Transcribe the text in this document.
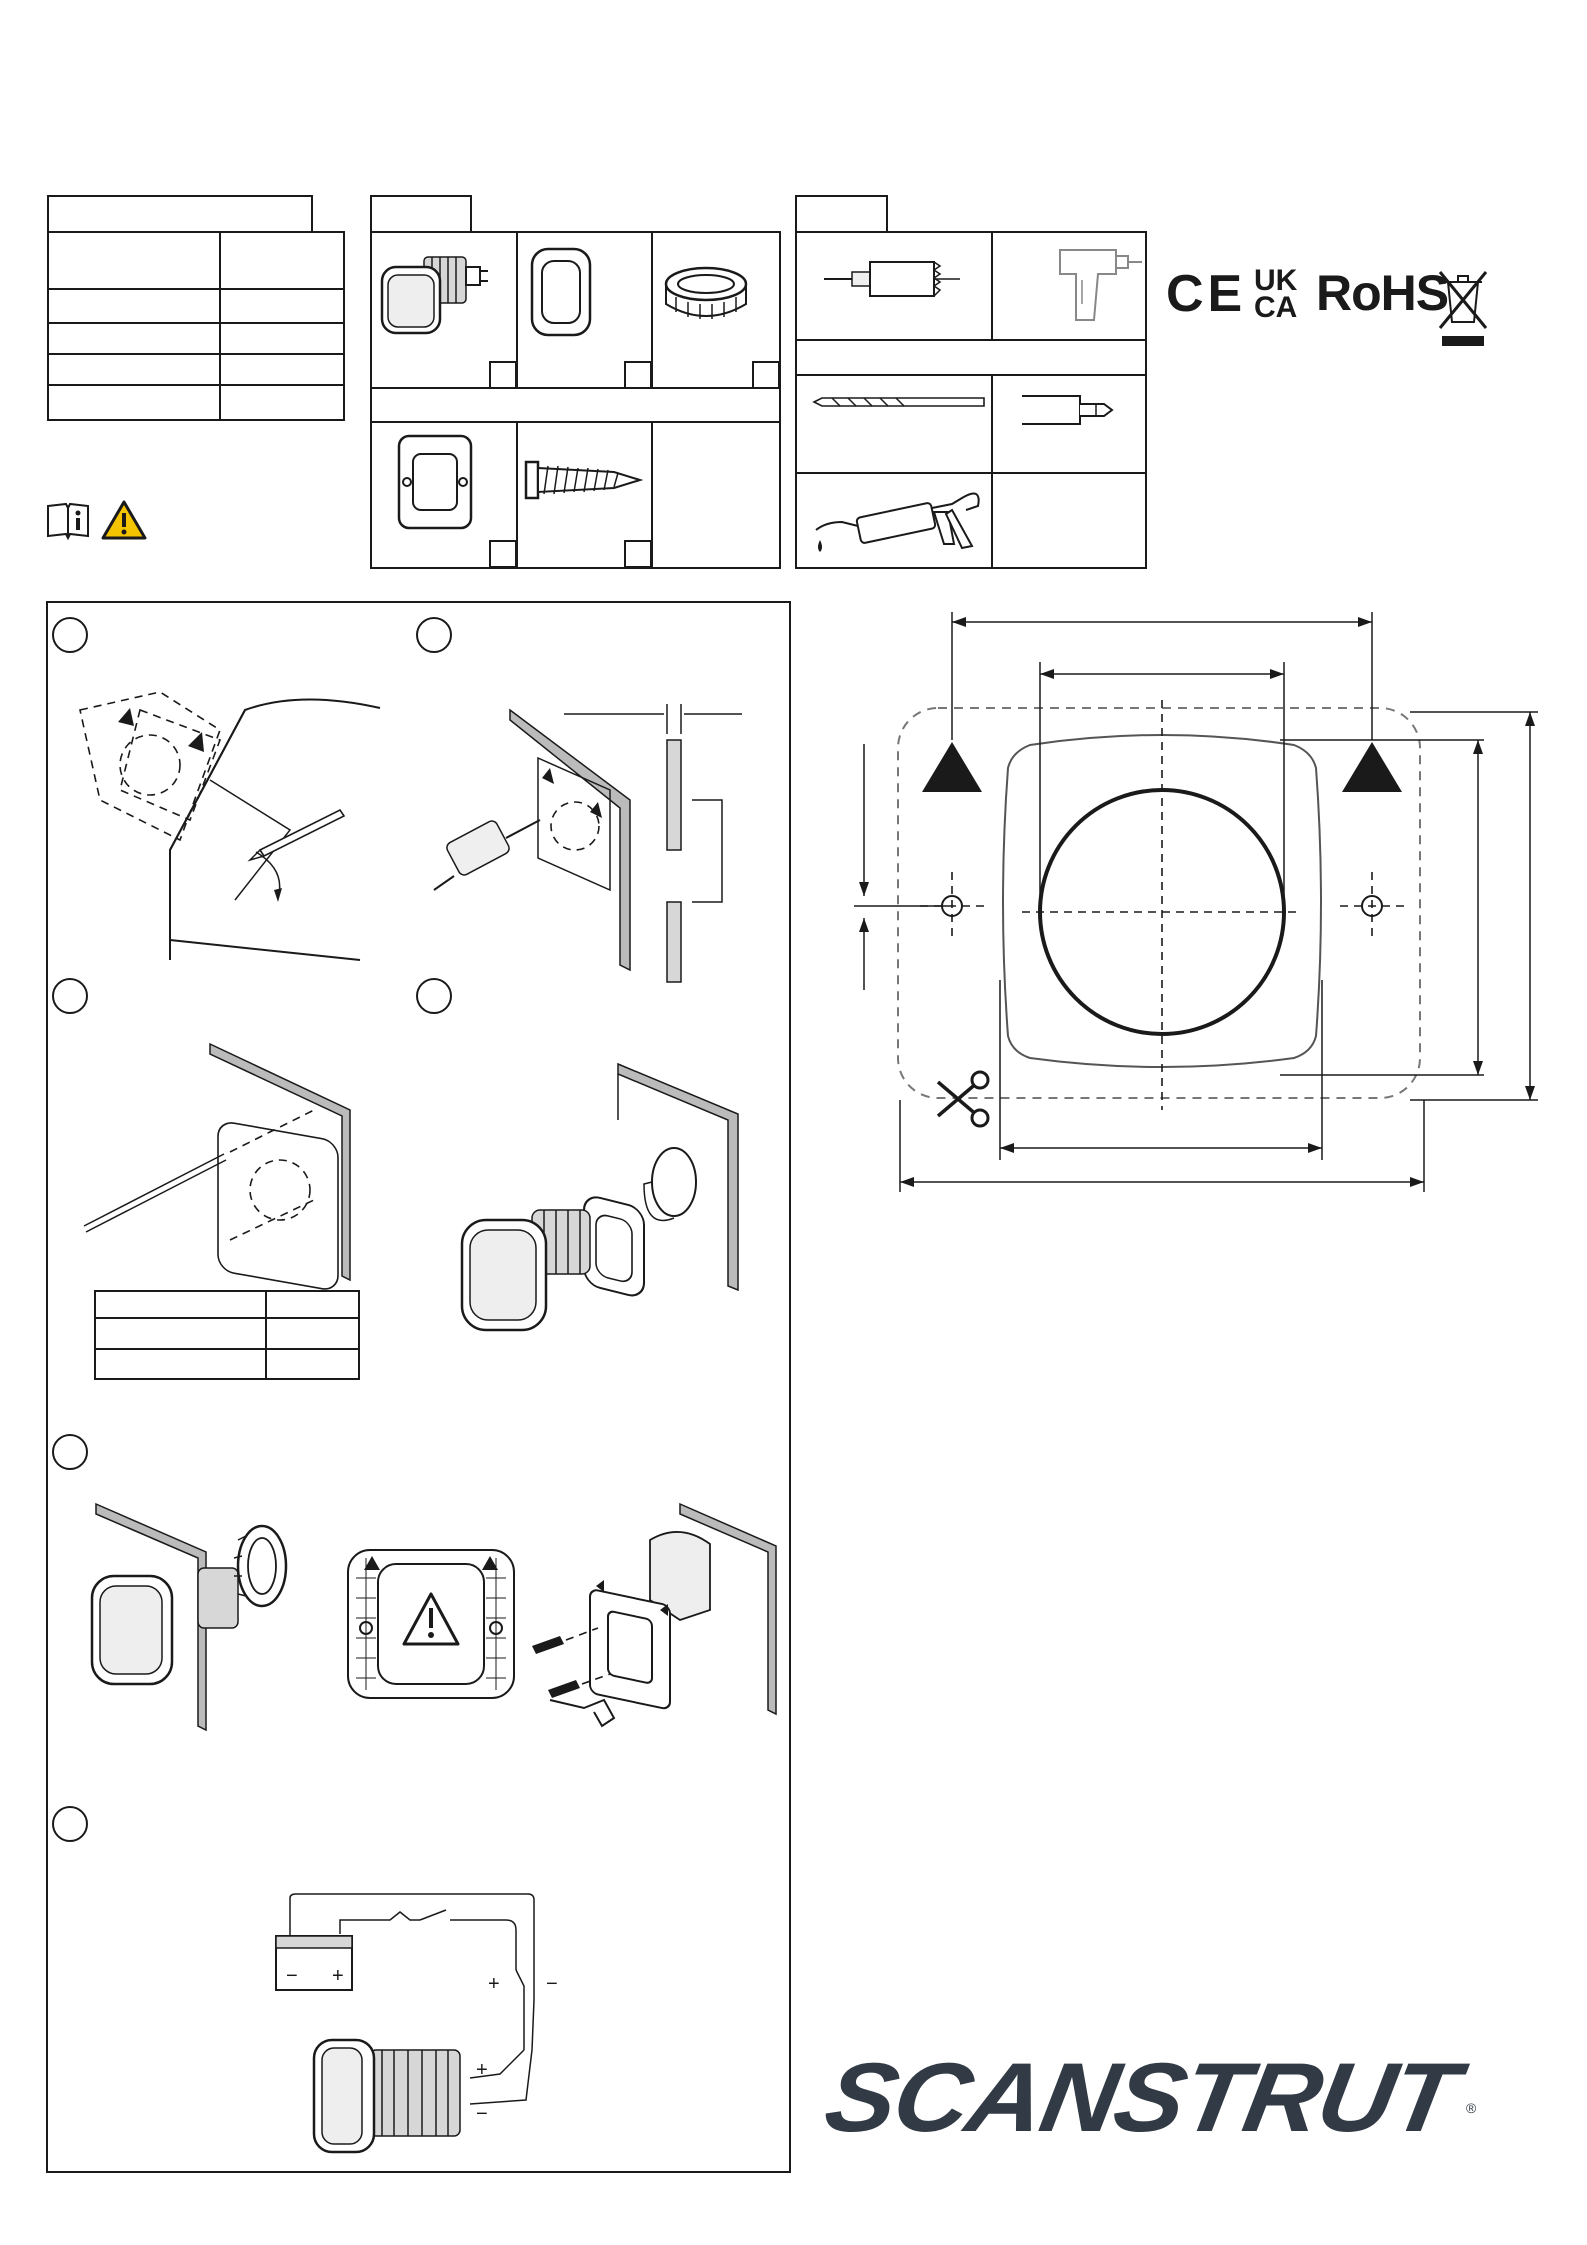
CE UK
CA RoHS
− +	+ −
+
−	SCANSTRUT ®
